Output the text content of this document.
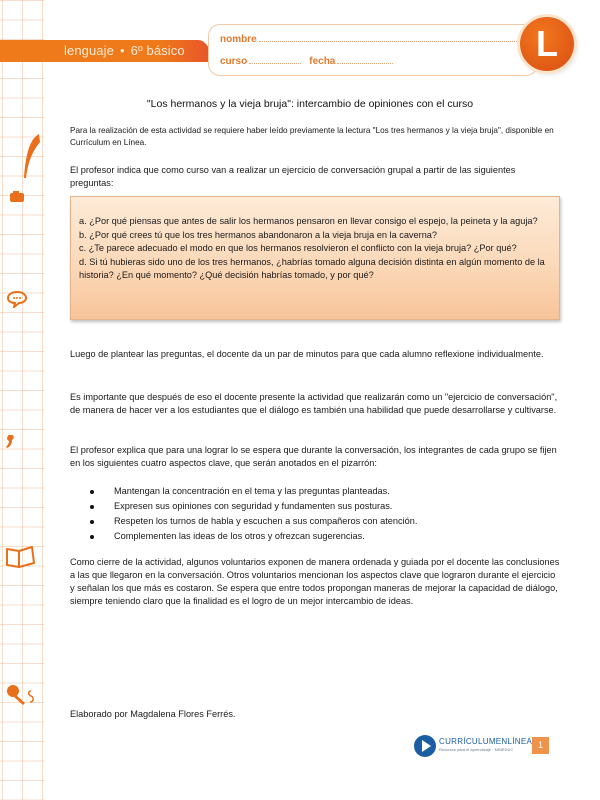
lenguaje • 6º básico
nombre
curso	fecha	L
"Los hermanos y la vieja bruja": intercambio de opiniones con el curso
Para la realización de esta actividad se requiere haber leído previamente la lectura "Los tres hermanos y la vieja bruja", disponible en Currículum en Línea.
El profesor indica que como curso van a realizar un ejercicio de conversación grupal a partir de las siguientes preguntas:
a. ¿Por qué piensas que antes de salir los hermanos pensaron en llevar consigo el espejo, la peineta y la aguja?
b. ¿Por qué crees tú que los tres hermanos abandonaron a la vieja bruja en la caverna?
c. ¿Te parece adecuado el modo en que los hermanos resolvieron el conflicto con la vieja bruja? ¿Por qué?
d. Si tú hubieras sido uno de los tres hermanos, ¿habrías tomado alguna decisión distinta en algún momento de la historia? ¿En qué momento? ¿Qué decisión habrías tomado, y por qué?
Luego de plantear las preguntas, el docente da un par de minutos para que cada alumno reflexione individualmente.
Es importante que después de eso el docente presente la actividad que realizarán como un "ejercicio de conversación", de manera de hacer ver a los estudiantes que el diálogo es también una habilidad que puede desarrollarse y cultivarse.
El profesor explica que para una lograr lo se espera que durante la conversación, los integrantes de cada grupo se fijen en los siguientes cuatro aspectos clave, que serán anotados en el pizarrón:
Mantengan la concentración en el tema y las preguntas planteadas.
Expresen sus opiniones con seguridad y fundamenten sus posturas.
Respeten los turnos de habla y escuchen a sus compañeros con atención.
Complementen las ideas de los otros y ofrezcan sugerencias.
Como cierre de la actividad, algunos voluntarios exponen de manera ordenada y guiada por el docente las conclusiones a las que llegaron en la conversación. Otros voluntarios mencionan los aspectos clave que lograron durante el ejercicio y señalan los que más es costaron. Se espera que entre todos propongan maneras de mejorar la capacidad de diálogo, siempre teniendo claro que la finalidad es el logro de un mejor intercambio de ideas.
Elaborado por Magdalena Flores Ferrés.
CURRÍCULUMENLÍNEA
Recursos para el aprendizaje · MINEDUC	1
